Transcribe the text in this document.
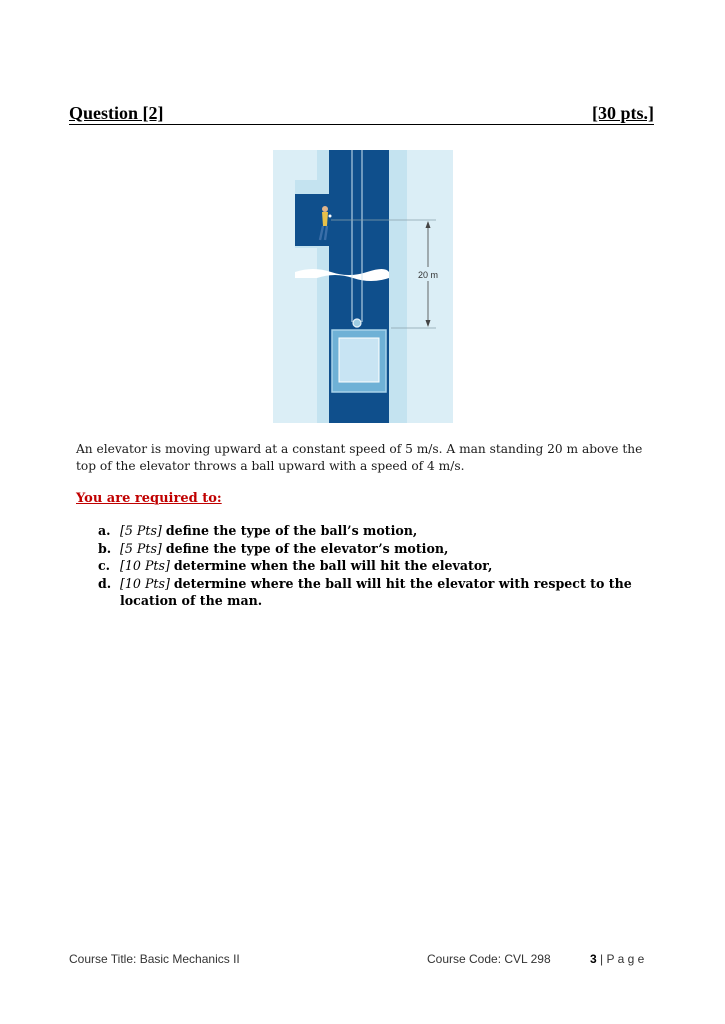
Question [2]	[30 pts.]
20 m
An elevator is moving upward at a constant speed of 5 m/s. A man standing 20 m above the top of the elevator throws a ball upward with a speed of 4 m/s.
You are required to:
a. [5 Pts] define the type of the ball’s motion,
b. [5 Pts] define the type of the elevator’s motion,
c. [10 Pts] determine when the ball will hit the elevator,
d. [10 Pts] determine where the ball will hit the elevator with respect to the location of the man.
Course Title: Basic Mechanics II	Course Code: CVL 298	3 | P a g e
